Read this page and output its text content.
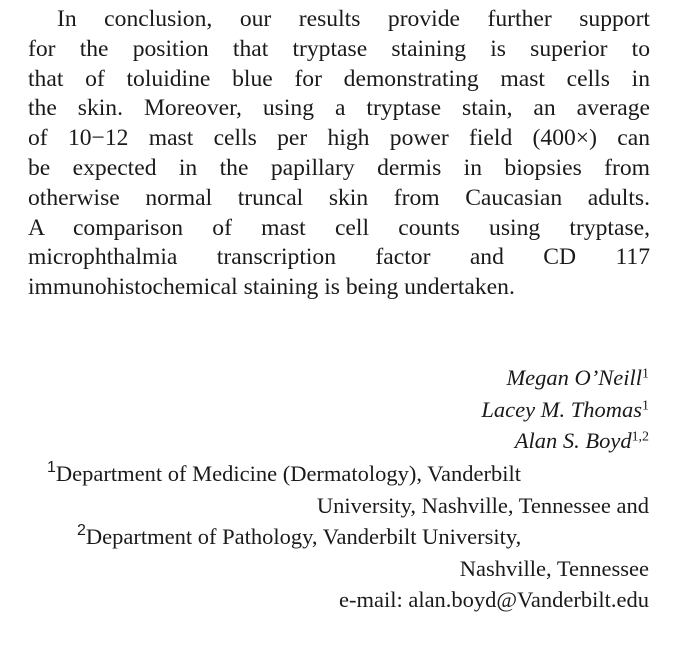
In conclusion, our results provide further support
for the position that tryptase staining is superior to
that of toluidine blue for demonstrating mast cells in
the skin. Moreover, using a tryptase stain, an average
of 10−12 mast cells per high power field (400×) can
be expected in the papillary dermis in biopsies from
otherwise normal truncal skin from Caucasian adults.
A comparison of mast cell counts using tryptase,
microphthalmia transcription factor and CD 117
immunohistochemical staining is being undertaken.
Megan O’Neill$^1$
Lacey M. Thomas$^1$
Alan S. Boyd$^{1,2}$
$^1$Department of Medicine (Dermatology), Vanderbilt
University, Nashville, Tennessee and
$^2$Department of Pathology, Vanderbilt University,
Nashville, Tennessee
e-mail: alan.boyd@Vanderbilt.edu
